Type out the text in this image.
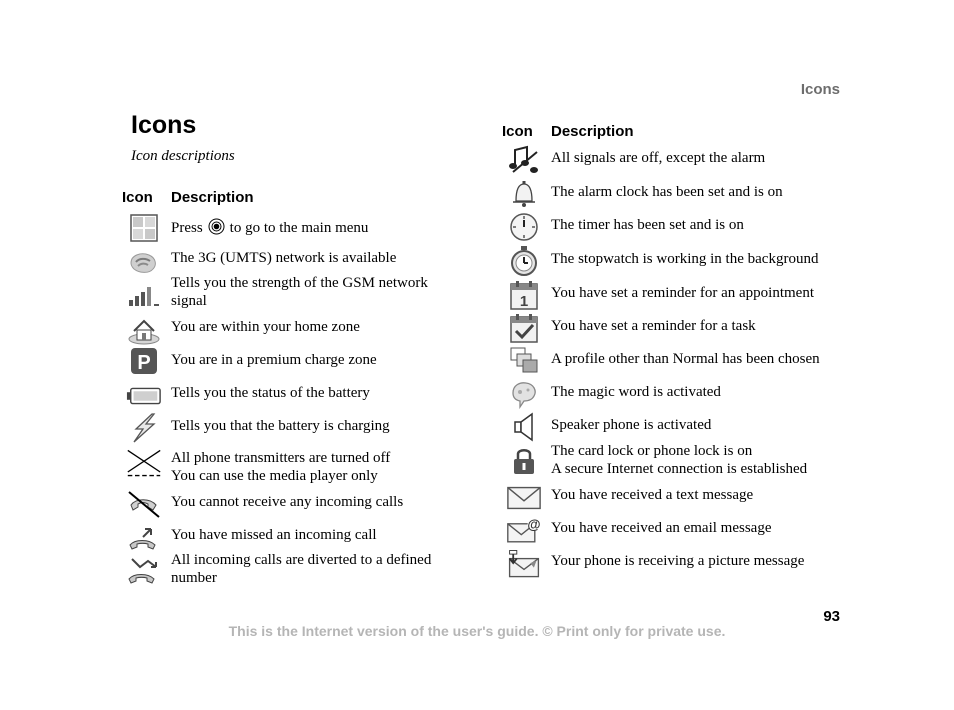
Icons
Icons
Icon descriptions
Icon Description
Press to go to the main menu
The 3G (UMTS) network is available
Tells you the strength of the GSM network
signal
You are within your home zone
P You are in a premium charge zone
Tells you the status of the battery
Tells you that the battery is charging
All phone transmitters are turned off
You can use the media player only
You cannot receive any incoming calls
You have missed an incoming call
All incoming calls are diverted to a defined
number
Icon Description
All signals are off, except the alarm
The alarm clock has been set and is on
The timer has been set and is on
The stopwatch is working in the background
1 You have set a reminder for an appointment
You have set a reminder for a task
A profile other than Normal has been chosen
The magic word is activated
Speaker phone is activated
The card lock or phone lock is on
A secure Internet connection is established
You have received a text message
@ You have received an email message
Your phone is receiving a picture message
93
This is the Internet version of the user's guide. © Print only for private use.
